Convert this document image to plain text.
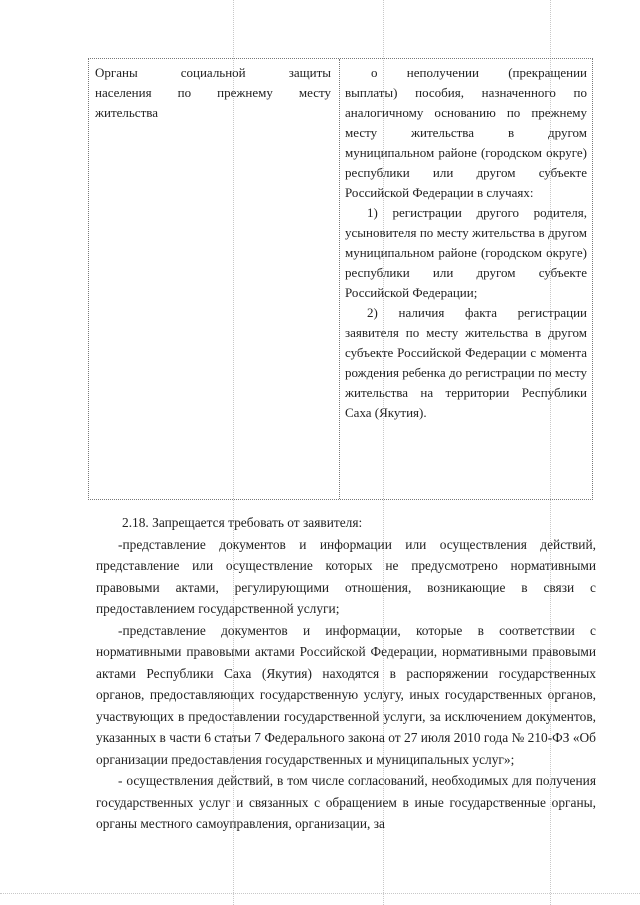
Органы социальной защиты
населения по прежнему месту
жительства

о неполучении (прекращении выплаты) пособия, назначенного по аналогичному основанию по прежнему месту жительства в другом муниципальном районе (городском округе) республики или другом субъекте Российской Федерации в случаях:

1) регистрации другого родителя, усыновителя по месту жительства в другом муниципальном районе (городском округе) республики или другом субъекте Российской Федерации;

2) наличия факта регистрации заявителя по месту жительства в другом субъекте Российской Федерации с момента рождения ребенка до регистрации по месту жительства на территории Республики Саха (Якутия).

2.18. Запрещается требовать от заявителя:

-представление документов и информации или осуществления действий, представление или осуществление которых не предусмотрено нормативными правовыми актами, регулирующими отношения, возникающие в связи с предоставлением государственной услуги;

-представление документов и информации, которые в соответствии с нормативными правовыми актами Российской Федерации, нормативными правовыми актами Республики Саха (Якутия) находятся в распоряжении государственных органов, предоставляющих государственную услугу, иных государственных органов, участвующих в предоставлении государственной услуги, за исключением документов, указанных в части 6 статьи 7 Федерального закона от 27 июля 2010 года № 210-ФЗ «Об организации предоставления государственных и муниципальных услуг»;

- осуществления действий, в том числе согласований, необходимых для получения государственных услуг и связанных с обращением в иные государственные органы, органы местного самоуправления, организации, за
